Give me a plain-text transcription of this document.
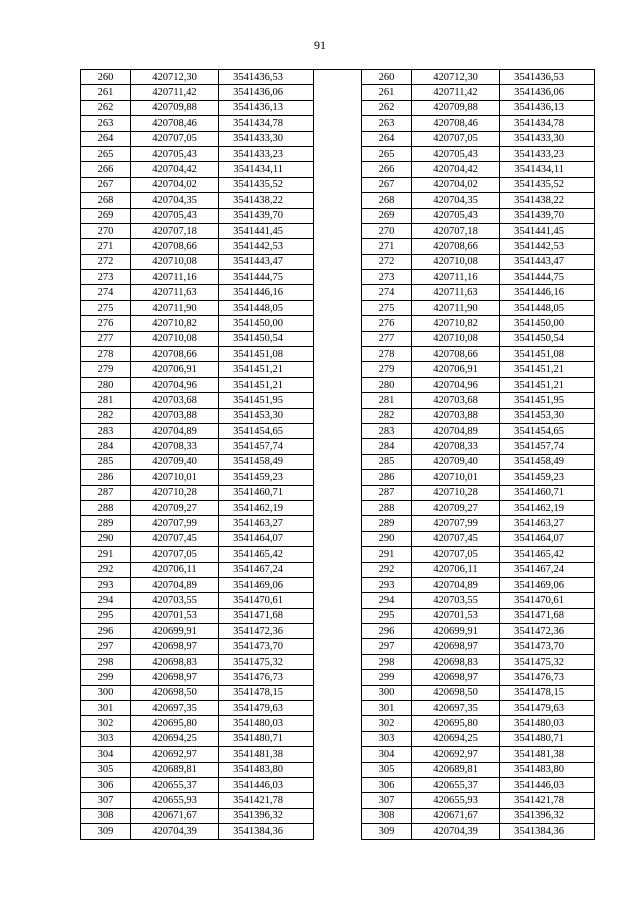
91
260	420712,30	3541436,53		260	420712,30	3541436,53
261	420711,42	3541436,06		261	420711,42	3541436,06
262	420709,88	3541436,13		262	420709,88	3541436,13
263	420708,46	3541434,78		263	420708,46	3541434,78
264	420707,05	3541433,30		264	420707,05	3541433,30
265	420705,43	3541433,23		265	420705,43	3541433,23
266	420704,42	3541434,11		266	420704,42	3541434,11
267	420704,02	3541435,52		267	420704,02	3541435,52
268	420704,35	3541438,22		268	420704,35	3541438,22
269	420705,43	3541439,70		269	420705,43	3541439,70
270	420707,18	3541441,45		270	420707,18	3541441,45
271	420708,66	3541442,53		271	420708,66	3541442,53
272	420710,08	3541443,47		272	420710,08	3541443,47
273	420711,16	3541444,75		273	420711,16	3541444,75
274	420711,63	3541446,16		274	420711,63	3541446,16
275	420711,90	3541448,05		275	420711,90	3541448,05
276	420710,82	3541450,00		276	420710,82	3541450,00
277	420710,08	3541450,54		277	420710,08	3541450,54
278	420708,66	3541451,08		278	420708,66	3541451,08
279	420706,91	3541451,21		279	420706,91	3541451,21
280	420704,96	3541451,21		280	420704,96	3541451,21
281	420703,68	3541451,95		281	420703,68	3541451,95
282	420703,88	3541453,30		282	420703,88	3541453,30
283	420704,89	3541454,65		283	420704,89	3541454,65
284	420708,33	3541457,74		284	420708,33	3541457,74
285	420709,40	3541458,49		285	420709,40	3541458,49
286	420710,01	3541459,23		286	420710,01	3541459,23
287	420710,28	3541460,71		287	420710,28	3541460,71
288	420709,27	3541462,19		288	420709,27	3541462,19
289	420707,99	3541463,27		289	420707,99	3541463,27
290	420707,45	3541464,07		290	420707,45	3541464,07
291	420707,05	3541465,42		291	420707,05	3541465,42
292	420706,11	3541467,24		292	420706,11	3541467,24
293	420704,89	3541469,06		293	420704,89	3541469,06
294	420703,55	3541470,61		294	420703,55	3541470,61
295	420701,53	3541471,68		295	420701,53	3541471,68
296	420699,91	3541472,36		296	420699,91	3541472,36
297	420698,97	3541473,70		297	420698,97	3541473,70
298	420698,83	3541475,32		298	420698,83	3541475,32
299	420698,97	3541476,73		299	420698,97	3541476,73
300	420698,50	3541478,15		300	420698,50	3541478,15
301	420697,35	3541479,63		301	420697,35	3541479,63
302	420695,80	3541480,03		302	420695,80	3541480,03
303	420694,25	3541480,71		303	420694,25	3541480,71
304	420692,97	3541481,38		304	420692,97	3541481,38
305	420689,81	3541483,80		305	420689,81	3541483,80
306	420655,37	3541446,03		306	420655,37	3541446,03
307	420655,93	3541421,78		307	420655,93	3541421,78
308	420671,67	3541396,32		308	420671,67	3541396,32
309	420704,39	3541384,36		309	420704,39	3541384,36
